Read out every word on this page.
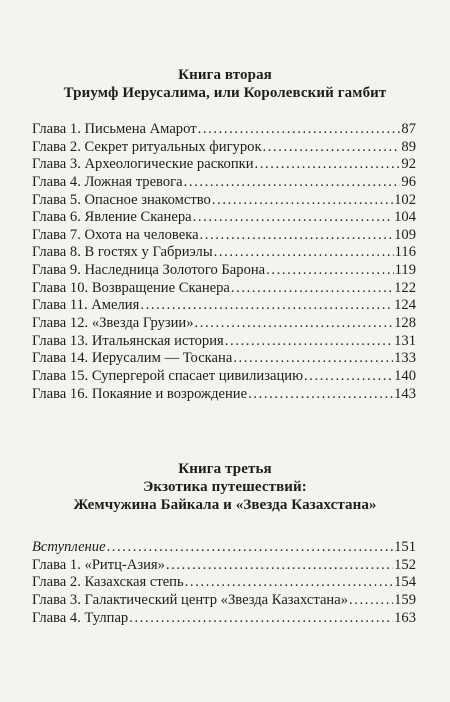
Книга вторая
Триумф Иерусалима, или Королевский гамбит
Глава 1. Письмена Амарот .....	87
Глава 2. Секрет ритуальных фигурок .....	89
Глава 3. Археологические раскопки .....	92
Глава 4. Ложная тревога .....	96
Глава 5. Опасное знакомство .....	102
Глава 6. Явление Сканера .....	104
Глава 7. Охота на человека .....	109
Глава 8. В гостях у Габриэлы .....	116
Глава 9. Наследница Золотого Барона .....	119
Глава 10. Возвращение Сканера .....	122
Глава 11. Амелия .....	124
Глава 12. «Звезда Грузии» .....	128
Глава 13. Итальянская история .....	131
Глава 14. Иерусалим — Тоскана .....	133
Глава 15. Супергерой спасает цивилизацию .....	140
Глава 16. Покаяние и возрождение .....	143
Книга третья
Экзотика путешествий:
Жемчужина Байкала и «Звезда Казахстана»
Вступление .....	151
Глава 1. «Ритц-Азия» .....	152
Глава 2. Казахская степь .....	154
Глава 3. Галактический центр «Звезда Казахстана» .....	159
Глава 4. Тулпар .....	163
